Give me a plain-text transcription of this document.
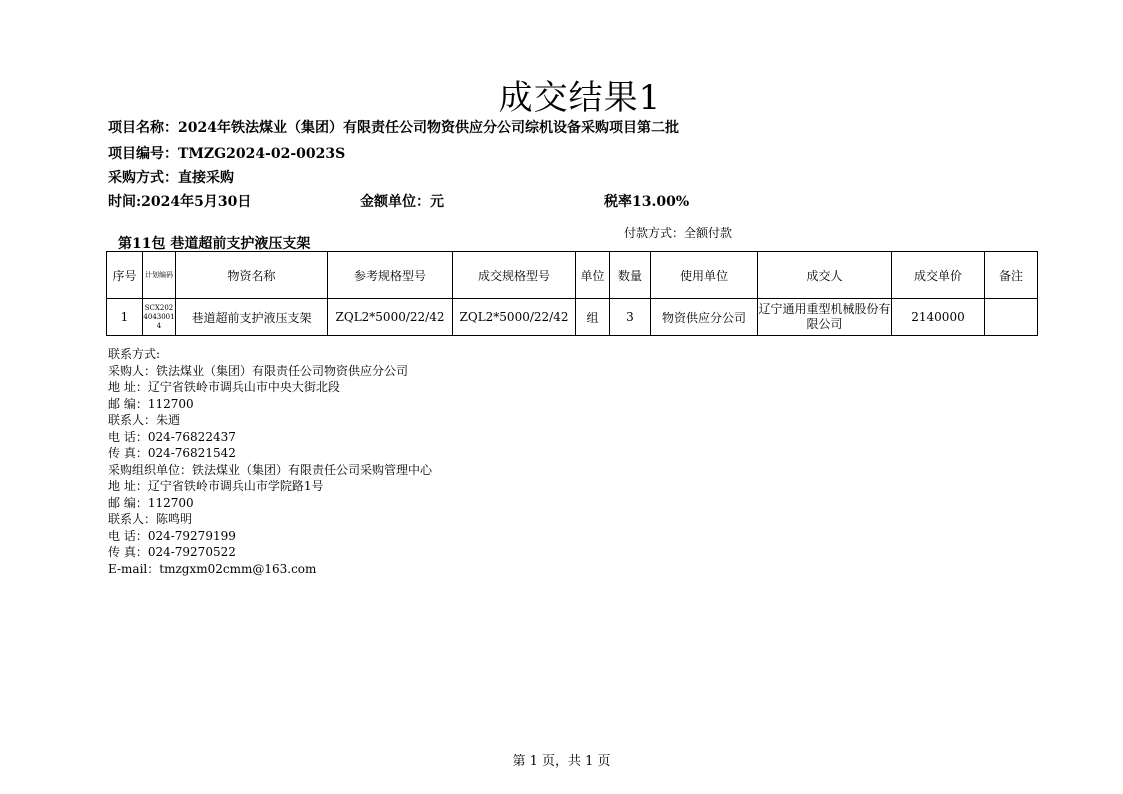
成交结果1
项目名称：2024年铁法煤业（集团）有限责任公司物资供应分公司综机设备采购项目第二批
项目编号：TMZG2024-02-0023S
采购方式：直接采购
时间:2024年5月30日	金额单位：元	税率13.00%
付款方式：全额付款
第11包 巷道超前支护液压支架
序号	计划编码	物资名称	参考规格型号	成交规格型号	单位	数量	使用单位	成交人	成交单价	备注
1	SCX20240430014	巷道超前支护液压支架	ZQL2*5000/22/42	ZQL2*5000/22/42	组	3	物资供应分公司	辽宁通用重型机械股份有限公司	2140000	
联系方式:
采购人：铁法煤业（集团）有限责任公司物资供应分公司
地 址：辽宁省铁岭市调兵山市中央大街北段
邮 编：112700
联系人：朱迺
电 话：024-76822437
传 真：024-76821542
采购组织单位：铁法煤业（集团）有限责任公司采购管理中心
地 址：辽宁省铁岭市调兵山市学院路1号
邮 编：112700
联系人：陈鸣明
电 话：024-79279199
传 真：024-79270522
E-mail：tmzgxm02cmm@163.com
第 1 页，共 1 页
